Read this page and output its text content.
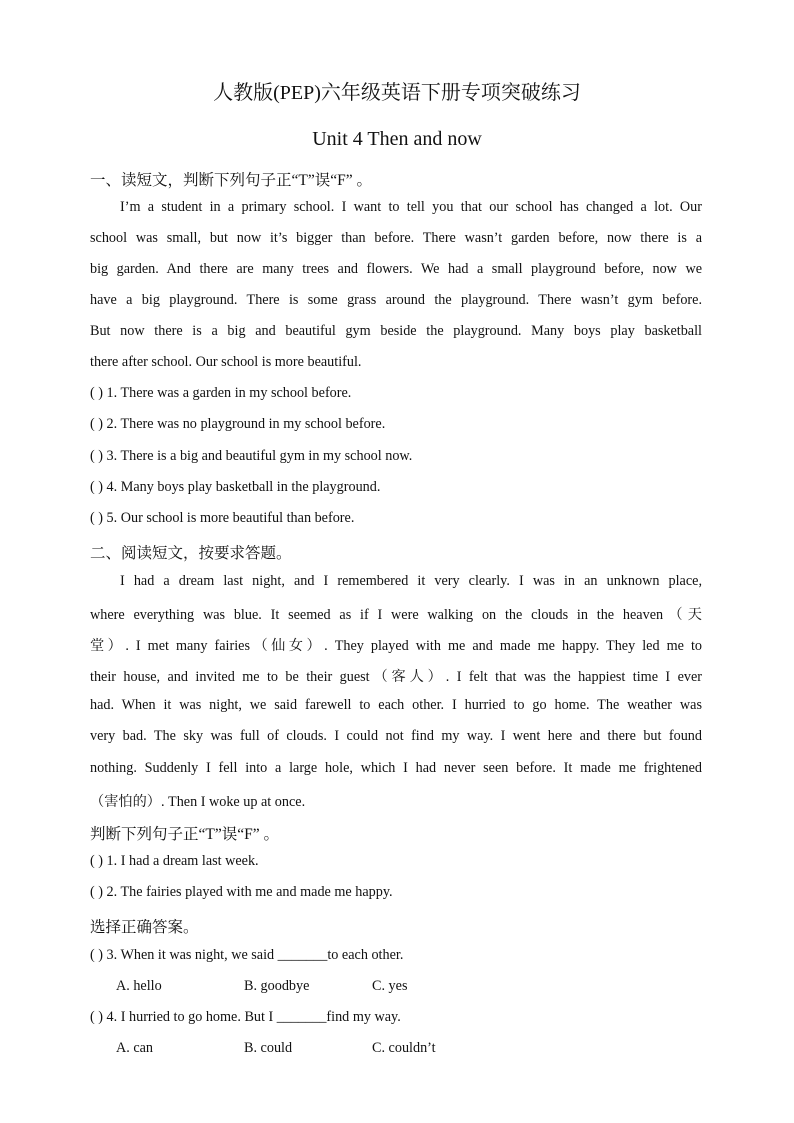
人教版(PEP)六年级英语下册专项突破练习
Unit 4 Then and now
一、读短文，判断下列句子正“T”误“F” 。
I’m a student in a primary school. I want to tell you that our school has changed a lot. Our
school was small, but now it’s bigger than before. There wasn’t garden before, now there is a
big garden. And there are many trees and flowers. We had a small playground before, now we
have a big playground. There is some grass around the playground. There wasn’t gym before.
But now there is a big and beautiful gym beside the playground. Many boys play basketball
there after school. Our school is more beautiful.
( ) 1. There was a garden in my school before.
( ) 2. There was no playground in my school before.
( ) 3. There is a big and beautiful gym in my school now.
( ) 4. Many boys play basketball in the playground.
( ) 5. Our school is more beautiful than before.
二、阅读短文，按要求答题。
I had a dream last night, and I remembered it very clearly. I was in an unknown place,
where everything was blue. It seemed as if I were walking on the clouds in the heaven（天
堂）. I met many fairies（仙女）. They played with me and made me happy. They led me to
their house, and invited me to be their guest（客人）. I felt that was the happiest time I ever
had. When it was night, we said farewell to each other. I hurried to go home. The weather was
very bad. The sky was full of clouds. I could not find my way. I went here and there but found
nothing. Suddenly I fell into a large hole, which I had never seen before. It made me frightened
（害怕的）. Then I woke up at once.
判断下列句子正“T”误“F” 。
( ) 1. I had a dream last week.
( ) 2. The fairies played with me and made me happy.
选择正确答案。
( ) 3. When it was night, we said _______to each other.
A. hello	B. goodbye	C. yes
( ) 4. I hurried to go home. But I _______find my way.
A. can	B. could	C. couldn’t
